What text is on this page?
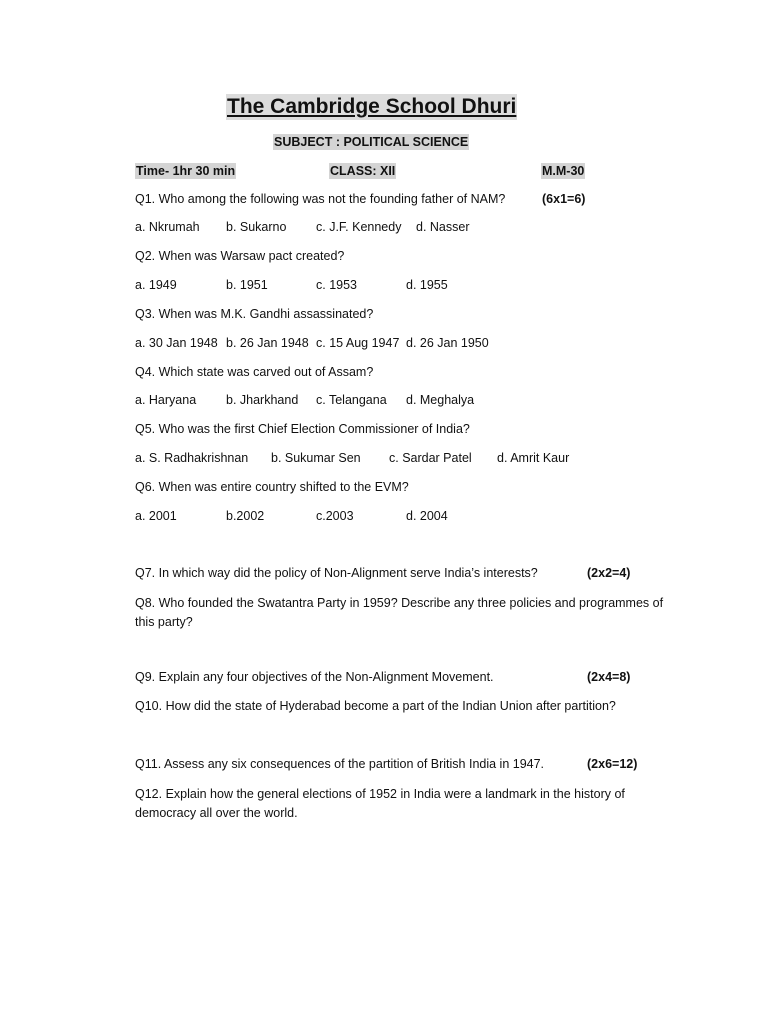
The Cambridge School Dhuri
SUBJECT : POLITICAL SCIENCE
Time- 1hr 30 min	CLASS: XII	M.M-30
Q1. Who among the following was not the founding father of NAM?	(6x1=6)
a. Nkrumah b. Sukarno c. J.F. Kennedy d. Nasser
Q2. When was Warsaw pact created?
a. 1949	b. 1951	c. 1953	d. 1955
Q3. When was M.K. Gandhi assassinated?
a. 30 Jan 1948 b. 26 Jan 1948 c. 15 Aug 1947 d. 26 Jan 1950
Q4. Which state was carved out of Assam?
a. Haryana b. Jharkhand c. Telangana d. Meghalya
Q5. Who was the first Chief Election Commissioner of India?
a. S. Radhakrishnan b. Sukumar Sen c. Sardar Patel d. Amrit Kaur
Q6. When was entire country shifted to the EVM?
a. 2001	b.2002	c.2003	d. 2004
Q7. In which way did the policy of Non-Alignment serve India’s interests?	(2x2=4)
Q8. Who founded the Swatantra Party in 1959? Describe any three policies and programmes of this party?
Q9. Explain any four objectives of the Non-Alignment Movement.	(2x4=8)
Q10. How did the state of Hyderabad become a part of the Indian Union after partition?
Q11. Assess any six consequences of the partition of British India in 1947.	(2x6=12)
Q12. Explain how the general elections of 1952 in India were a landmark in the history of democracy all over the world.
